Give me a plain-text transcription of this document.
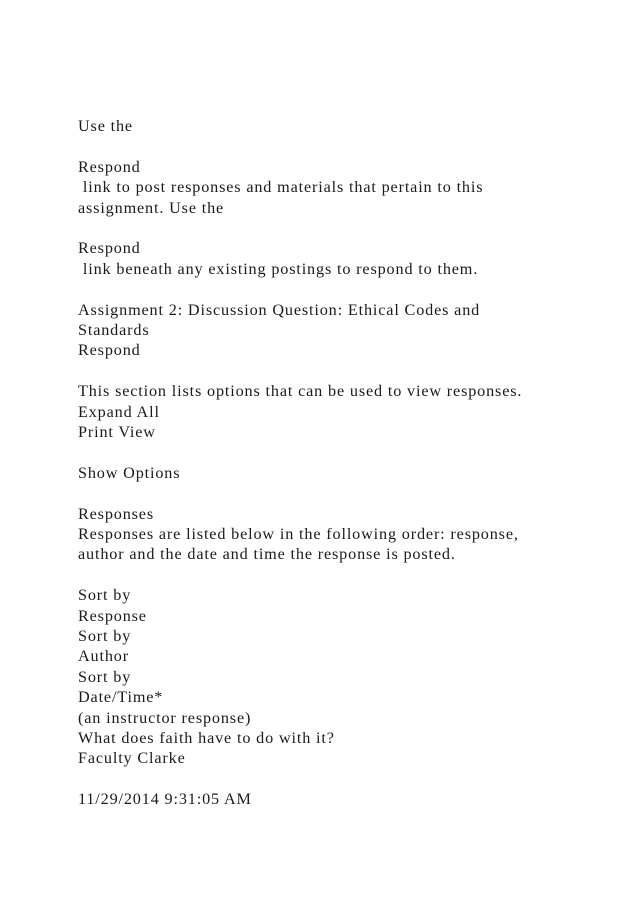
Use the
Respond
link to post responses and materials that pertain to this
assignment. Use the
Respond
link beneath any existing postings to respond to them.
Assignment 2: Discussion Question: Ethical Codes and
Standards
Respond
This section lists options that can be used to view responses.
Expand All
Print View
Show Options
Responses
Responses are listed below in the following order: response,
author and the date and time the response is posted.
Sort by
Response
Sort by
Author
Sort by
Date/Time*
(an instructor response)
What does faith have to do with it?
Faculty Clarke
11/29/2014 9:31:05 AM
